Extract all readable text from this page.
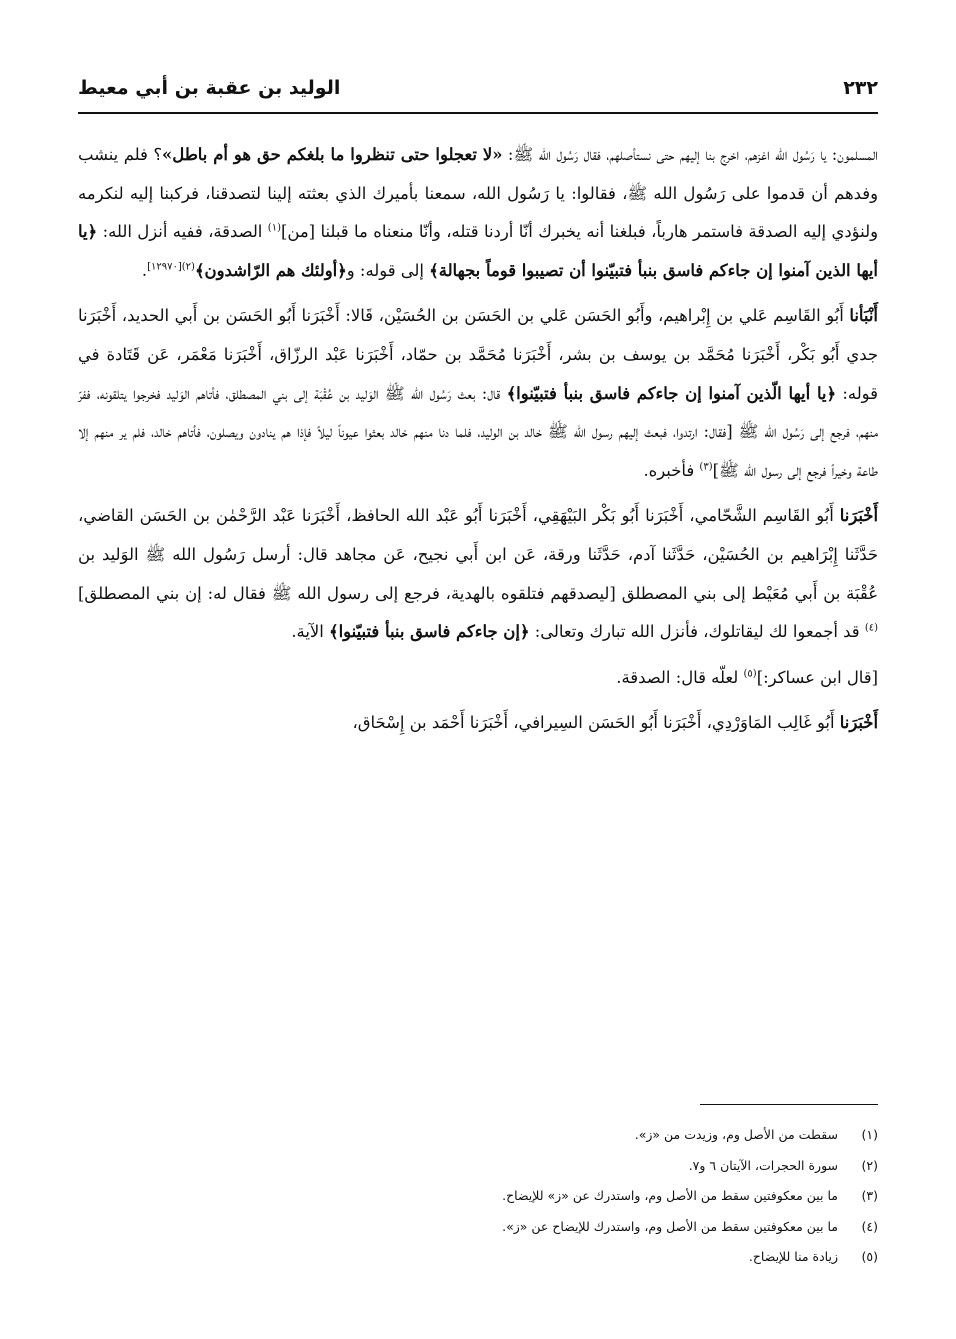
٢٣٢
الوليد بن عقبة بن أبي معيط

المسلمون: يا رَسُول الله اغزهم، اخرج بنا إليهم حتى نستأصلهم، فقال رَسُول الله ﷺ: «لا تعجلوا حتى تنظروا ما بلغكم حق هو أم باطل»؟ فلم ينشب وفدهم أن قدموا على رَسُول الله ﷺ، فقالوا: يا رَسُول الله، سمعنا بأميرك الذي بعثته إلينا لتصدقنا، فركبنا إليه لنكرمه ولنؤدي إليه الصدقة فاستمر هارباً، فبلغنا أنه يخبرك أنّا أردنا قتله، وأنّا منعناه ما قبلنا [من]$^{(١)}$ الصدقة، ففيه أنزل الله: ﴿يا أيها الذين آمنوا إن جاءكم فاسق بنبأ فتبيّنوا أن تصيبوا قوماً بجهالة﴾ إلى قوله: و﴿أولئك هم الرّاشدون﴾$^{(٢)[١٢٩٧٠]}$.

أَنْبَأنا أَبُو القَاسِم عَلي بن إِبْراهيم، وأَبُو الحَسَن عَلي بن الحَسَن بن الحُسَيْن، قَالا: أَخْبَرَنا أَبُو الحَسَن بن أَبي الحديد، أَخْبَرَنا جدي أَبُو بَكْر، أَخْبَرَنا مُحَمَّد بن يوسف بن بشر، أَخْبَرَنا مُحَمَّد بن حمّاد، أَخْبَرَنا عَبْد الرزّاق، أَخْبَرَنا مَعْمَر، عَن قَتَادة في قوله: ﴿يا أيها الّذين آمنوا إن جاءكم فاسق بنبأ فتبيّنوا﴾ قال: بعث رَسُول الله ﷺ الوَليد بن عُقْبَة إلى بني المصطلق، فأتاهم الوَليد فخرجوا يتلقونه، ففرّ منهم، فرجع إلى رَسُول الله ﷺ [فقال: ارتدوا، فبعث إليهم رسول الله ﷺ خالد بن الوليد، فلما دنا منهم خالد بعثوا عيوناً ليلاً فإذا هم ينادون ويصلون، فأتاهم خالد، فلم ير منهم إلا طاعة وخيراً فرجع إلى رسول الله ﷺ]$^{(٣)}$ فأخبره.

أَخْبَرَنا أَبُو القَاسِم الشَّحّامي، أَخْبَرَنا أَبُو بَكْر البَيْهَقِي، أَخْبَرَنا أَبُو عَبْد الله الحافظ، أَخْبَرَنا عَبْد الرَّحْمٰن بن الحَسَن القاضي، حَدَّثَنا إِبْرَاهيم بن الحُسَيْن، حَدَّثَنا آدم، حَدَّثَنا ورقة، عَن ابن أَبي نجيح، عَن مجاهد قال: أرسل رَسُول الله ﷺ الوَليد بن عُقْبَة بن أَبي مُعَيْط إلى بني المصطلق [ليصدقهم فتلقوه بالهدية، فرجع إلى رسول الله ﷺ فقال له: إن بني المصطلق]$^{(٤)}$ قد أجمعوا لك ليقاتلوك، فأنزل الله تبارك وتعالى: ﴿إن جاءكم فاسق بنبأ فتبيّنوا﴾ الآية.

[قال ابن عساكر:]$^{(٥)}$ لعلّه قال: الصدقة.

أَخْبَرَنا أَبُو غَالِب المَاوَرْدِي، أَخْبَرَنا أَبُو الحَسَن السِيرافي، أَخْبَرَنا أَحْمَد بن إِسْحَاق،

(١)
سقطت من الأصل وم، وزيدت من «ز».
(٢)
سورة الحجرات، الآيتان ٦ و٧.
(٣)
ما بين معكوفتين سقط من الأصل وم، واستدرك عن «ز» للإيضاح.
(٤)
ما بين معكوفتين سقط من الأصل وم، واستدرك للإيضاح عن «ز».
(٥)
زيادة منا للإيضاح.
